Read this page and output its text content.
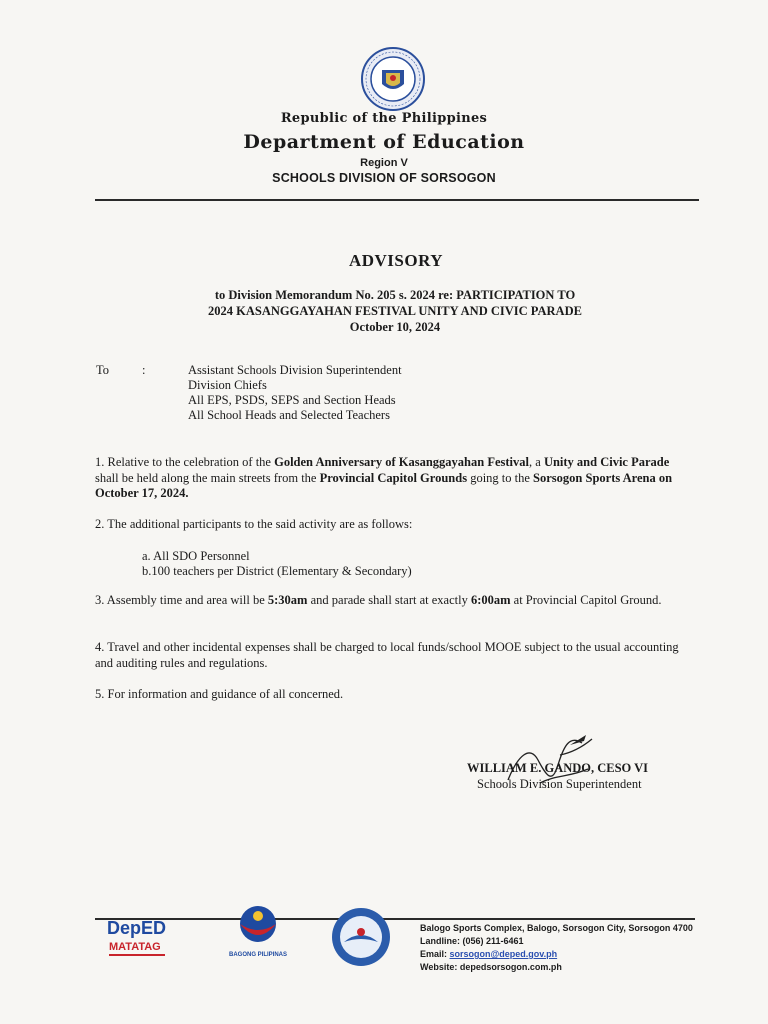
Republic of the Philippines
Department of Education
Region V
SCHOOLS DIVISION OF SORSOGON
ADVISORY
to Division Memorandum No. 205 s. 2024 re: PARTICIPATION TO
2024 KASANGGAYAHAN FESTIVAL UNITY AND CIVIC PARADE
October 10, 2024
To	:	Assistant Schools Division Superintendent
Division Chiefs
All EPS, PSDS, SEPS and Section Heads
All School Heads and Selected Teachers
1. Relative to the celebration of the Golden Anniversary of Kasanggayahan Festival, a Unity and Civic Parade shall be held along the main streets from the Provincial Capitol Grounds going to the Sorsogon Sports Arena on October 17, 2024.
2. The additional participants to the said activity are as follows:
a. All SDO Personnel
b.100 teachers per District (Elementary & Secondary)
3. Assembly time and area will be 5:30am and parade shall start at exactly 6:00am at Provincial Capitol Ground.
4. Travel and other incidental expenses shall be charged to local funds/school MOOE subject to the usual accounting and auditing rules and regulations.
5. For information and guidance of all concerned.
WILLIAM E. GANDO, CESO VI
Schools Division Superintendent
DepED
MATATAG
BAGONG PILIPINAS
Balogo Sports Complex, Balogo, Sorsogon City, Sorsogon 4700
Landline: (056) 211-6461
Email: sorsogon@deped.gov.ph
Website: depedsorsogon.com.ph
